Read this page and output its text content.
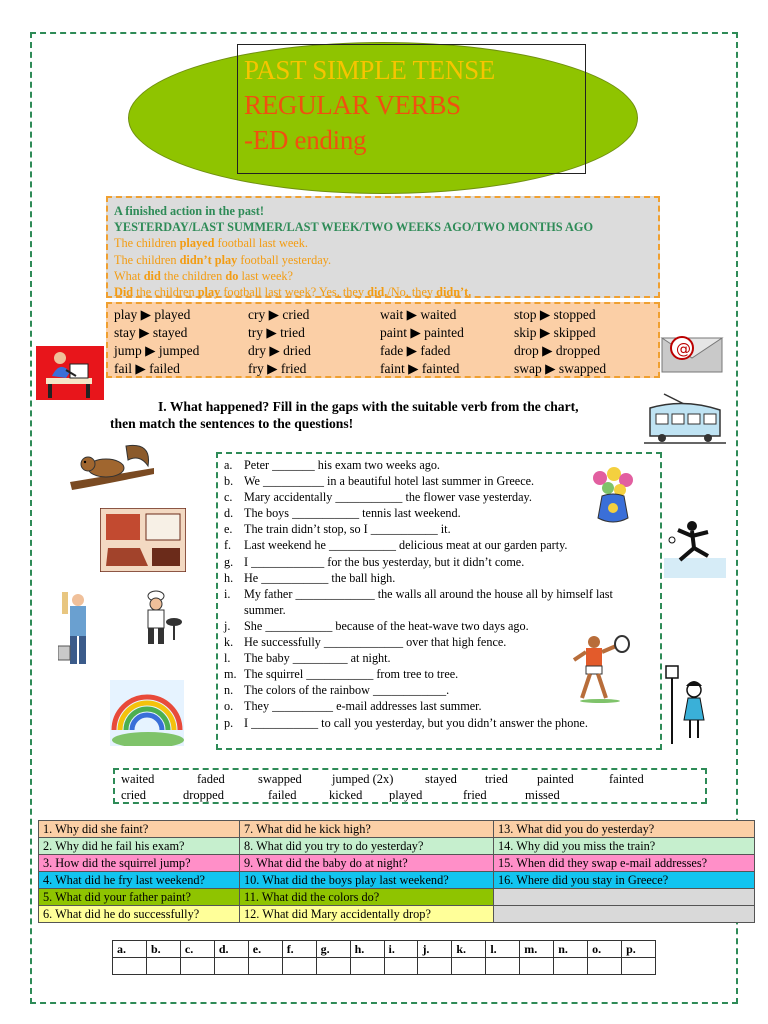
PAST SIMPLE TENSE
REGULAR VERBS
-ED ending
A finished action in the past!
YESTERDAY/LAST SUMMER/LAST WEEK/TWO WEEKS AGO/TWO MONTHS AGO
The children played football last week.
The children didn’t play football yesterday.
What did the children do last week?
Did the children play football last week? Yes, they did./No, they didn’t.
play ▶ played	cry ▶ cried	wait ▶ waited	stop ▶ stopped
stay ▶ stayed	try ▶ tried	paint ▶ painted	skip ▶ skipped
jump ▶ jumped	dry ▶ dried	fade ▶ faded	drop ▶ dropped
fail ▶ failed	fry ▶ fried	faint ▶ fainted	swap ▶ swapped
@
I. What happened? Fill in the gaps with the suitable verb from the chart,
then match the sentences to the questions!
a. Peter _______ his exam two weeks ago.
b. We __________ in a beautiful hotel last summer in Greece.
c. Mary accidentally ___________ the flower vase yesterday.
d. The boys ___________ tennis last weekend.
e. The train didn’t stop, so I ___________ it.
f.	Last weekend he ___________ delicious meat at our garden party.
g. I ____________ for the bus yesterday, but it didn’t come.
h. He ___________ the ball high.
i.	My father _____________ the walls all around the house all by himself last summer.
j.	She ___________ because of the heat-wave two days ago.
k. He successfully _____________ over that high fence.
l.	The baby _________ at night.
m. The squirrel ___________ from tree to tree.
n. The colors of the rainbow ____________.
o. They __________ e-mail addresses last summer.
p. I ___________ to call you yesterday, but you didn’t answer the phone.
waited	faded	swapped jumped (2x)	stayed tried painted	fainted
cried	dropped	failed	kicked played	fried	missed
1. Why did she faint?	7. What did he kick high?	13. What did you do yesterday?
2. Why did he fail his exam?	8. What did you try to do yesterday?	14. Why did you miss the train?
3. How did the squirrel jump?	9. What did the baby do at night?	15. When did they swap e-mail addresses?
4. What did he fry last weekend?	10. What did the boys play last weekend?	16. Where did you stay in Greece?
5. What did your father paint?	11. What did the colors do?	
6. What did he do successfully?	12. What did Mary accidentally drop?	
a.	b.	c.	d.	e.	f.	g.	h.	i.	j.	k.	l.	m.	n.	o.	p.
